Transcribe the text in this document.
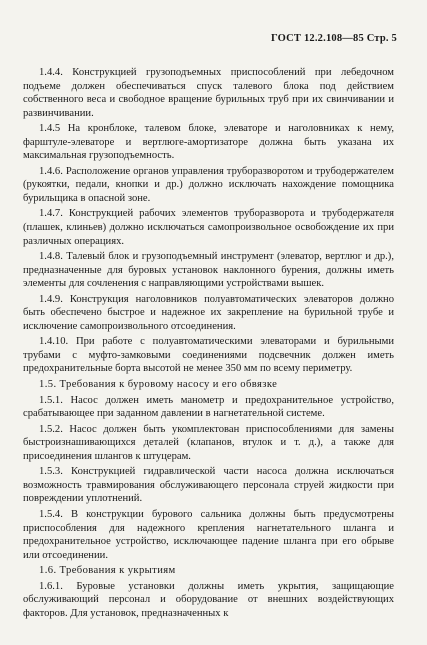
ГОСТ 12.2.108—85 Стр. 5

1.4.4. Конструкцией грузоподъемных приспособлений при лебедочном подъеме должен обеспечиваться спуск талевого блока под действием собственного веса и свободное вращение бурильных труб при их свинчивании и развинчивании.

1.4.5 На кронблоке, талевом блоке, элеваторе и наголовниках к нему, фарштуле-элеваторе и вертлюге-амортизаторе должна быть указана их максимальная грузоподъемность.

1.4.6. Расположение органов управления труборазворотом и трубодержателем (рукоятки, педали, кнопки и др.) должно исключать нахождение помощника бурильщика в опасной зоне.

1.4.7. Конструкцией рабочих элементов труборазворота и трубодержателя (плашек, клиньев) должно исключаться самопроизвольное освобождение их при различных операциях.

1.4.8. Талевый блок и грузоподъемный инструмент (элеватор, вертлюг и др.), предназначенные для буровых установок наклонного бурения, должны иметь элементы для сочленения с направляющими устройствами вышек.

1.4.9. Конструкция наголовников полуавтоматических элеваторов должно быть обеспечено быстрое и надежное их закрепление на бурильной трубе и исключение самопроизвольного отсоединения.

1.4.10. При работе с полуавтоматическими элеваторами и бурильными трубами с муфто-замковыми соединениями подсвечник должен иметь предохранительные борта высотой не менее 350 мм по всему периметру.

1.5. Требования к буровому насосу и его обвязке

1.5.1. Насос должен иметь манометр и предохранительное устройство, срабатывающее при заданном давлении в нагнетательной системе.

1.5.2. Насос должен быть укомплектован приспособлениями для замены быстроизнашивающихся деталей (клапанов, втулок и т. д.), а также для присоединения шлангов к штуцерам.

1.5.3. Конструкцией гидравлической части насоса должна исключаться возможность травмирования обслуживающего персонала струей жидкости при повреждении уплотнений.

1.5.4. В конструкции бурового сальника должны быть предусмотрены приспособления для надежного крепления нагнетательного шланга и предохранительное устройство, исключающее падение шланга при его обрыве или отсоединении.

1.6. Требования к укрытиям

1.6.1. Буровые установки должны иметь укрытия, защищающие обслуживающий персонал и оборудование от внешних воздействующих факторов. Для установок, предназначенных к
